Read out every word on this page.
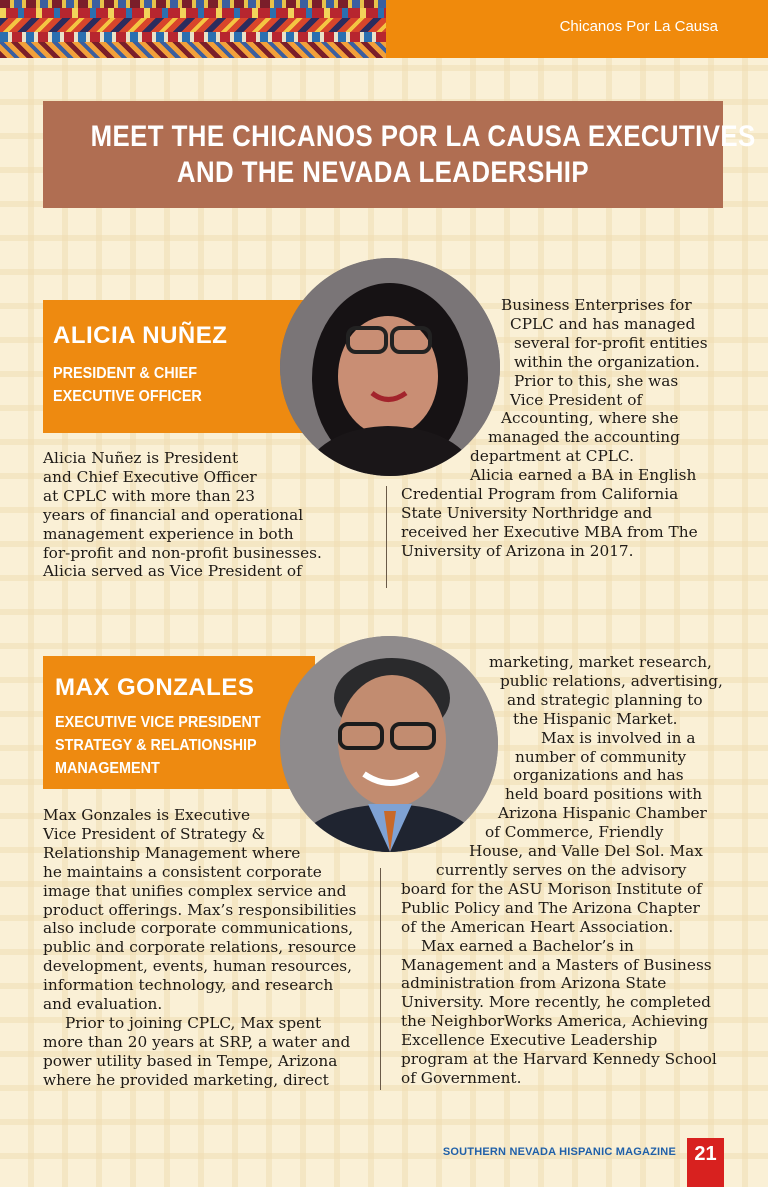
Chicanos Por La Causa
MEET THE CHICANOS POR LA CAUSA EXECUTIVES
AND THE NEVADA LEADERSHIP
ALICIA NUÑEZ
PRESIDENT & CHIEF
EXECUTIVE OFFICER
Alicia Nuñez is President
and Chief Executive Officer
at CPLC with more than 23
years of financial and operational
management experience in both
for-profit and non-profit businesses.
Alicia served as Vice President of
Business Enterprises for
CPLC and has managed
several for-profit entities
within the organization.
Prior to this, she was
Vice President of
Accounting, where she
managed the accounting
department at CPLC.
Alicia earned a BA in English
Credential Program from California
State University Northridge and
received her Executive MBA from The
University of Arizona in 2017.
MAX GONZALES
EXECUTIVE VICE PRESIDENT
STRATEGY & RELATIONSHIP
MANAGEMENT
Max Gonzales is Executive
Vice President of Strategy &
Relationship Management where
he maintains a consistent corporate
image that unifies complex service and
product offerings. Max’s responsibilities
also include corporate communications,
public and corporate relations, resource
development, events, human resources,
information technology, and research
and evaluation.
Prior to joining CPLC, Max spent
more than 20 years at SRP, a water and
power utility based in Tempe, Arizona
where he provided marketing, direct
marketing, market research,
public relations, advertising,
and strategic planning to
the Hispanic Market.
Max is involved in a
number of community
organizations and has
held board positions with
Arizona Hispanic Chamber
of Commerce, Friendly
House, and Valle Del Sol. Max
currently serves on the advisory
board for the ASU Morison Institute of
Public Policy and The Arizona Chapter
of the American Heart Association.
Max earned a Bachelor’s in
Management and a Masters of Business
administration from Arizona State
University. More recently, he completed
the NeighborWorks America, Achieving
Excellence Executive Leadership
program at the Harvard Kennedy School
of Government.
SOUTHERN NEVADA HISPANIC MAGAZINE 21
